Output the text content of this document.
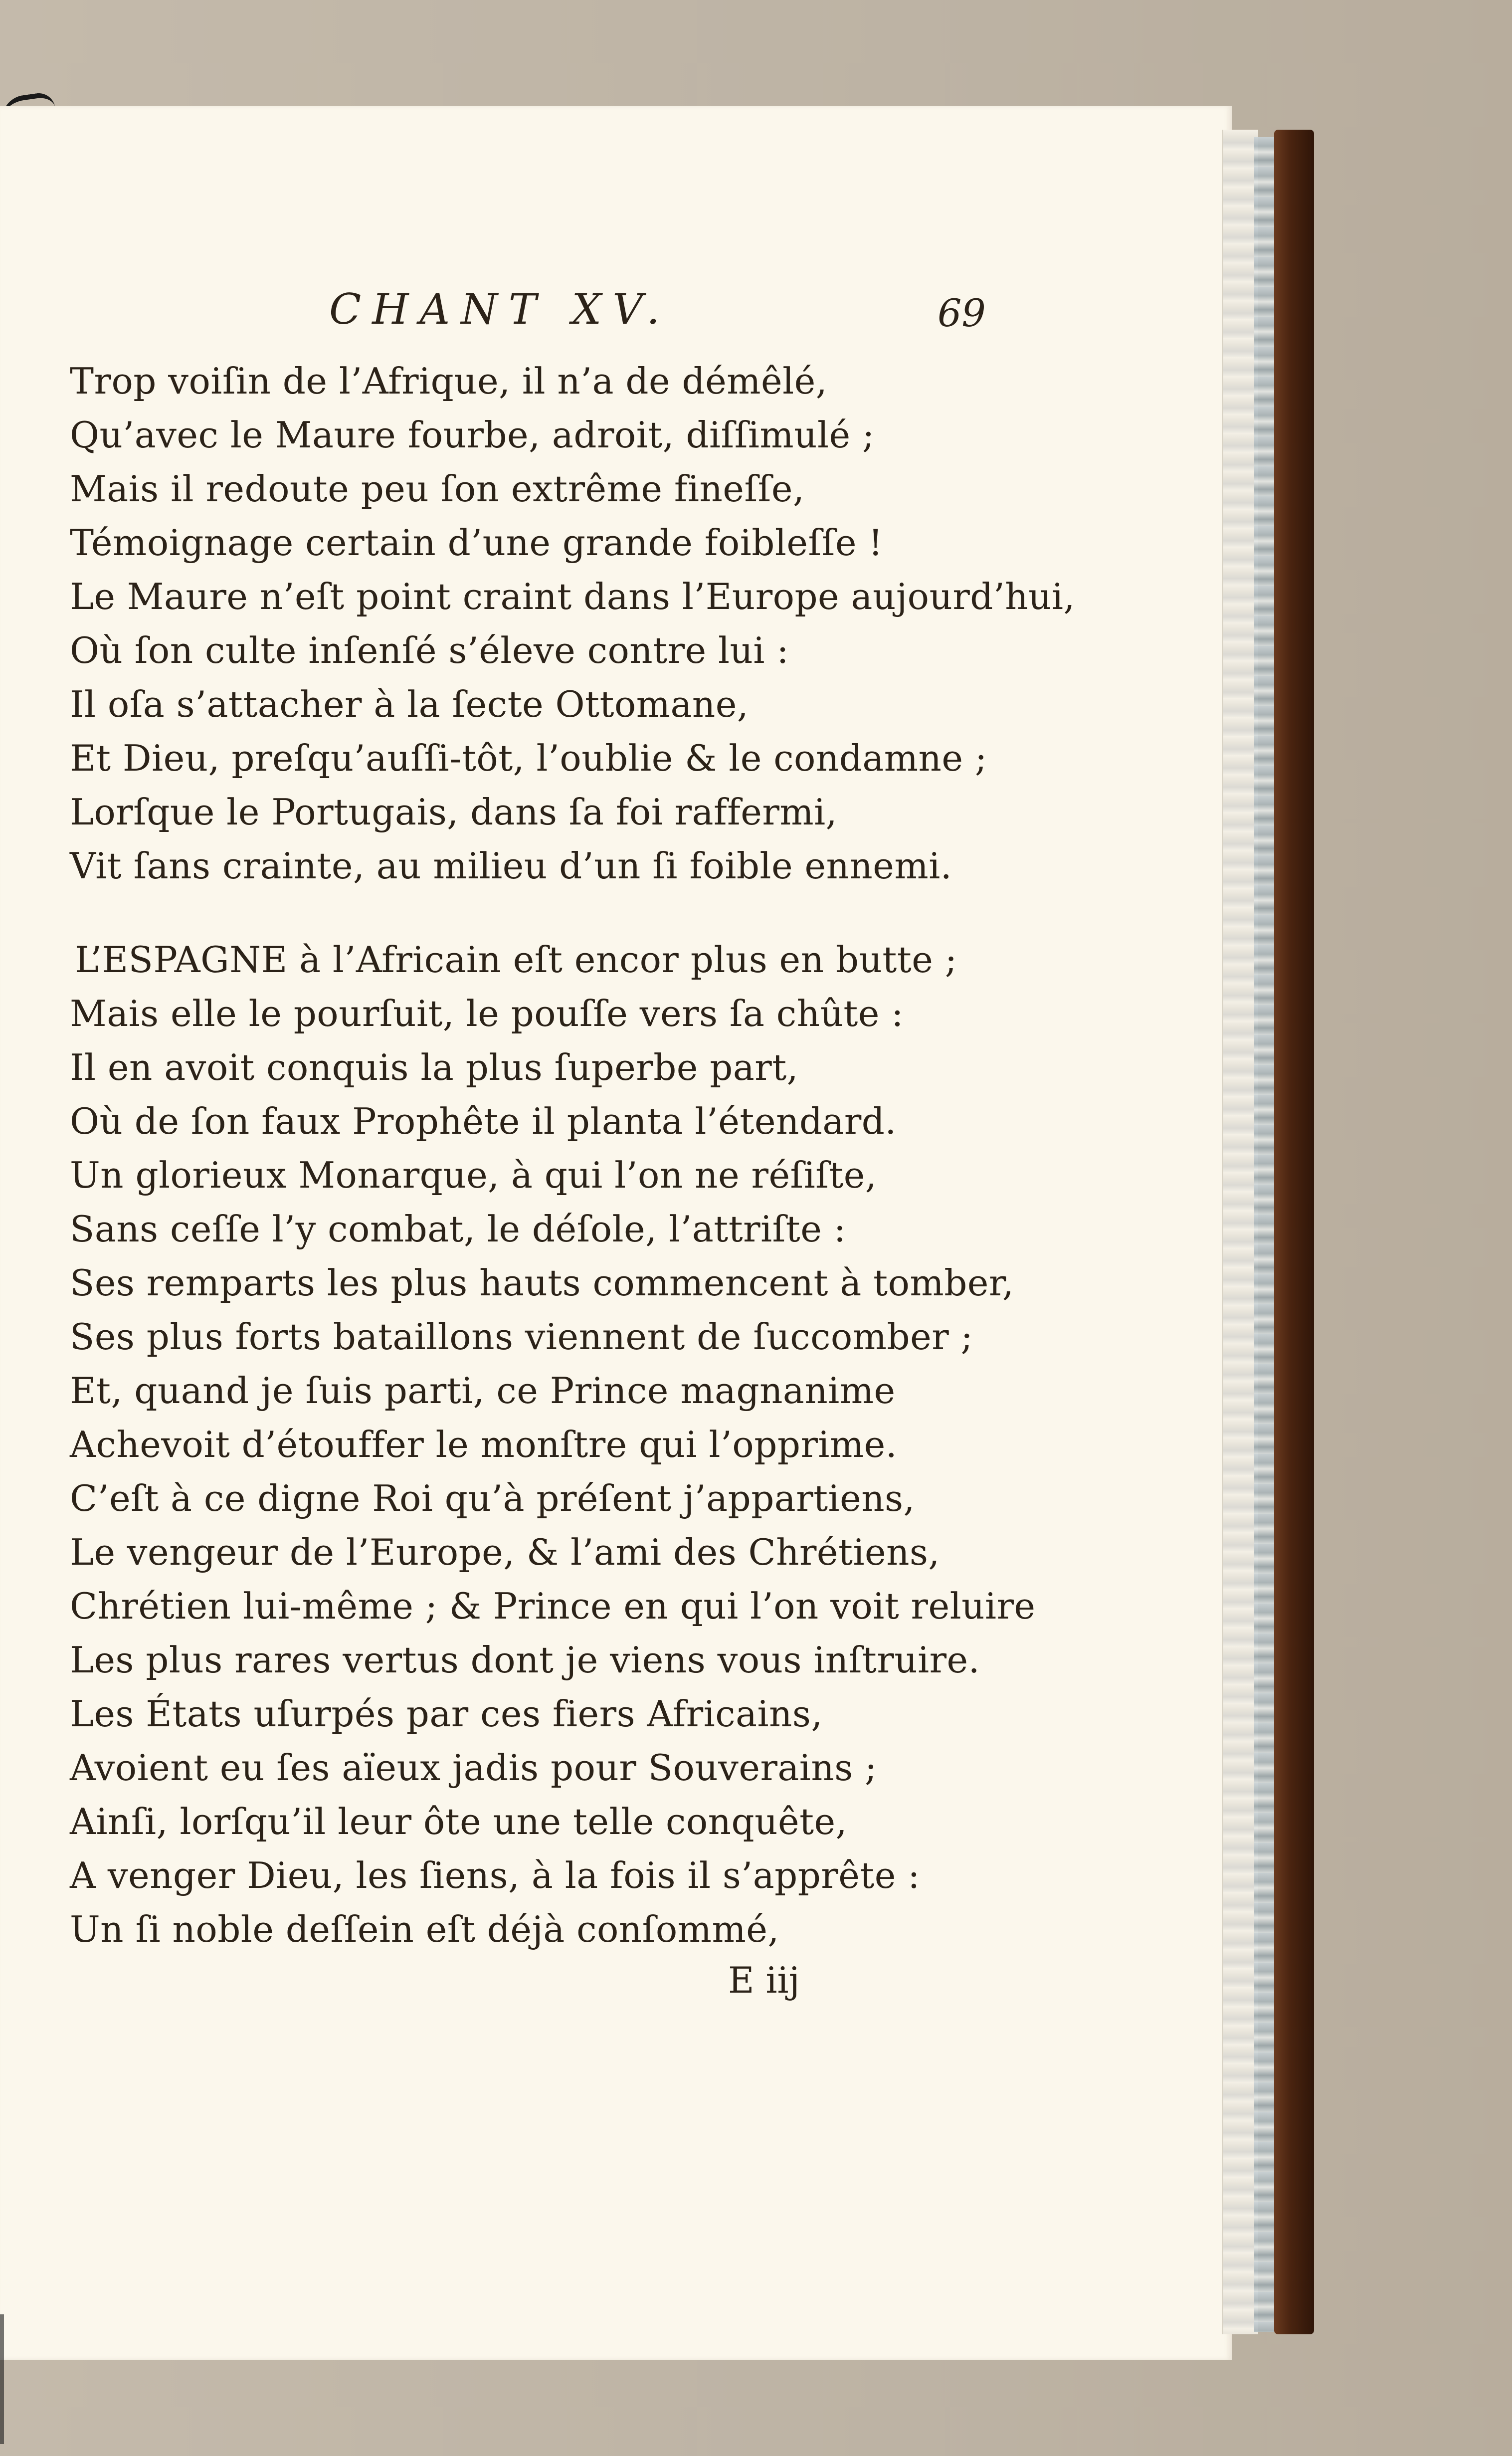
CHANT XV.	69
Trop voiſin de l’Afrique, il n’a de démêlé,
Qu’avec le Maure fourbe, adroit, diſſimulé ;
Mais il redoute peu ſon extrême fineſſe,
Témoignage certain d’une grande foibleſſe !
Le Maure n’eſt point craint dans l’Europe aujourd’hui,
Où ſon culte inſenſé s’éleve contre lui :
Il oſa s’attacher à la ſecte Ottomane,
Et Dieu, preſqu’auſſi-tôt, l’oublie & le condamne ;
Lorſque le Portugais, dans ſa foi raffermi,
Vit ſans crainte, au milieu d’un ſi foible ennemi.
L’ESPAGNE à l’Africain eſt encor plus en butte ;
Mais elle le pourſuit, le pouſſe vers ſa chûte :
Il en avoit conquis la plus ſuperbe part,
Où de ſon faux Prophête il planta l’étendard.
Un glorieux Monarque, à qui l’on ne réſiſte,
Sans ceſſe l’y combat, le déſole, l’attriſte :
Ses remparts les plus hauts commencent à tomber,
Ses plus forts bataillons viennent de ſuccomber ;
Et, quand je ſuis parti, ce Prince magnanime
Achevoit d’étouffer le monſtre qui l’opprime.
C’eſt à ce digne Roi qu’à préſent j’appartiens,
Le vengeur de l’Europe, & l’ami des Chrétiens,
Chrétien lui-même ; & Prince en qui l’on voit reluire
Les plus rares vertus dont je viens vous inſtruire.
Les États uſurpés par ces fiers Africains,
Avoient eu ſes aïeux jadis pour Souverains ;
Ainſi, lorſqu’il leur ôte une telle conquête,
A venger Dieu, les ſiens, à la fois il s’apprête :
Un ſi noble deſſein eſt déjà conſommé,
E iij
